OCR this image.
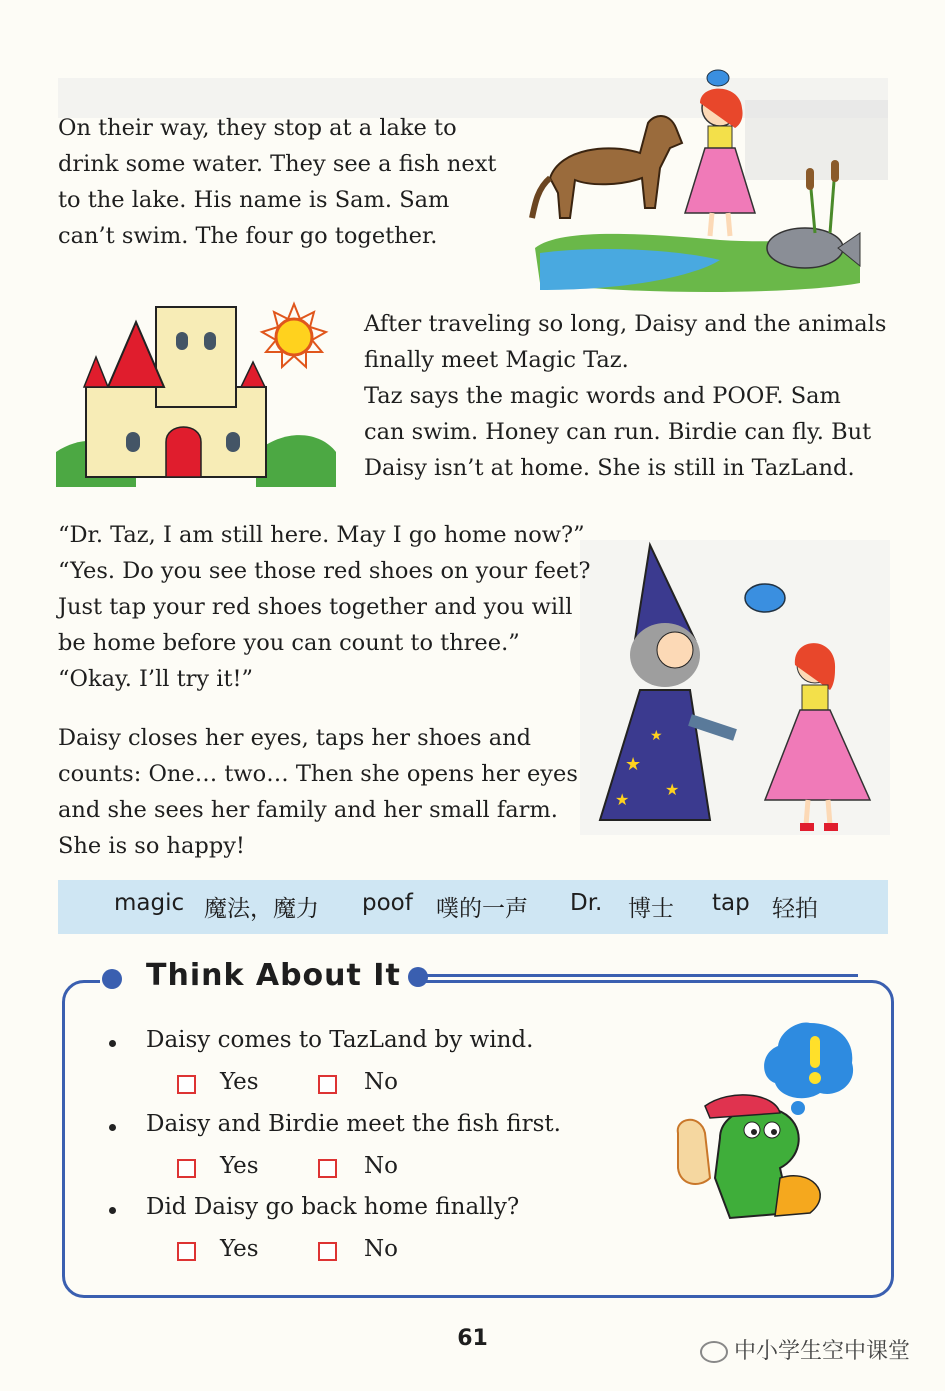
On their way, they stop at a lake to

drink some water. They see a fish next

to the lake. His name is Sam. Sam

can’t swim. The four go together.

After traveling so long, Daisy and the animals

finally meet Magic Taz.

Taz says the magic words and POOF. Sam

can swim. Honey can run. Birdie can fly. But

Daisy isn’t at home. She is still in TazLand.

★
★
★
★

“Dr. Taz, I am still here. May I go home now?”

“Yes. Do you see those red shoes on your feet?

Just tap your red shoes together and you will

be home before you can count to three.”

“Okay. I’ll try it!”

Daisy closes her eyes, taps her shoes and

counts: One… two… Then she opens her eyes

and she sees her family and her small farm.

She is so happy!

magic 魔法，魔力 poof 噗的一声 Dr. 博士 tap 轻拍
Think About It
Daisy comes to TazLand by wind.
Yes	No
Daisy and Birdie meet the fish first.
Yes	No
Did Daisy go back home finally?
Yes	No
61
中小学生空中课堂
